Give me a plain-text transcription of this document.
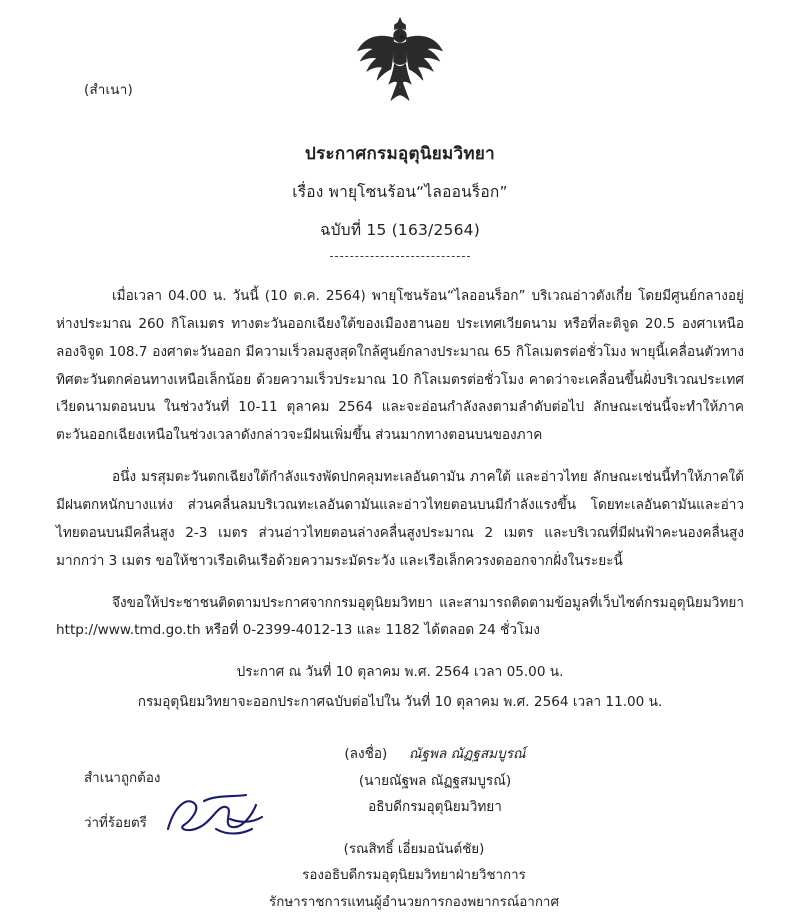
(สำเนา)
ประกาศกรมอุตุนิยมวิทยา
เรื่อง พายุโซนร้อน“ไลออนร็อก”
ฉบับที่ 15 (163/2564)

เมื่อเวลา 04.00 น. วันนี้ (10 ต.ค. 2564) พายุโซนร้อน“ไลออนร็อก” บริเวณอ่าวตังเกี๋ย โดยมีศูนย์กลางอยู่ห่างประมาณ 260 กิโลเมตร ทางตะวันออกเฉียงใต้ของเมืองฮานอย ประเทศเวียดนาม หรือที่ละติจูด 20.5 องศาเหนือ ลองจิจูด 108.7 องศาตะวันออก มีความเร็วลมสูงสุดใกล้ศูนย์กลางประมาณ 65 กิโลเมตรต่อชั่วโมง พายุนี้เคลื่อนตัวทางทิศตะวันตกค่อนทางเหนือเล็กน้อย ด้วยความเร็วประมาณ 10 กิโลเมตรต่อชั่วโมง คาดว่าจะเคลื่อนขึ้นฝั่งบริเวณประเทศเวียดนามตอนบน ในช่วงวันที่ 10-11 ตุลาคม 2564 และจะอ่อนกำลังลงตามลำดับต่อไป ลักษณะเช่นนี้จะทำให้ภาคตะวันออกเฉียงเหนือในช่วงเวลาดังกล่าวจะมีฝนเพิ่มขึ้น ส่วนมากทางตอนบนของภาค

อนึ่ง มรสุมตะวันตกเฉียงใต้กำลังแรงพัดปกคลุมทะเลอันดามัน ภาคใต้ และอ่าวไทย ลักษณะเช่นนี้ทำให้ภาคใต้มีฝนตกหนักบางแห่ง ส่วนคลื่นลมบริเวณทะเลอันดามันและอ่าวไทยตอนบนมีกำลังแรงขึ้น โดยทะเลอันดามันและอ่าวไทยตอนบนมีคลื่นสูง 2-3 เมตร ส่วนอ่าวไทยตอนล่างคลื่นสูงประมาณ 2 เมตร และบริเวณที่มีฝนฟ้าคะนองคลื่นสูงมากกว่า 3 เมตร ขอให้ชาวเรือเดินเรือด้วยความระมัดระวัง และเรือเล็กควรงดออกจากฝั่งในระยะนี้

จึงขอให้ประชาชนติดตามประกาศจากกรมอุตุนิยมวิทยา และสามารถติดตามข้อมูลที่เว็บไซต์กรมอุตุนิยมวิทยา http://www.tmd.go.th หรือที่ 0-2399-4012-13 และ 1182 ได้ตลอด 24 ชั่วโมง

ประกาศ ณ วันที่ 10 ตุลาคม พ.ศ. 2564 เวลา 05.00 น.
กรมอุตุนิยมวิทยาจะออกประกาศฉบับต่อไปใน วันที่ 10 ตุลาคม พ.ศ. 2564 เวลา 11.00 น.
(ลงชื่อ) ณัฐพล ณัฏฐสมบูรณ์
(นายณัฐพล ณัฏฐสมบูรณ์)
อธิบดีกรมอุตุนิยมวิทยา
สำเนาถูกต้อง
ว่าที่ร้อยตรี
(รณสิทธิ์ เอี่ยมอนันต์ชัย)
รองอธิบดีกรมอุตุนิยมวิทยาฝ่ายวิชาการ
รักษาราชการแทนผู้อำนวยการกองพยากรณ์อากาศ
